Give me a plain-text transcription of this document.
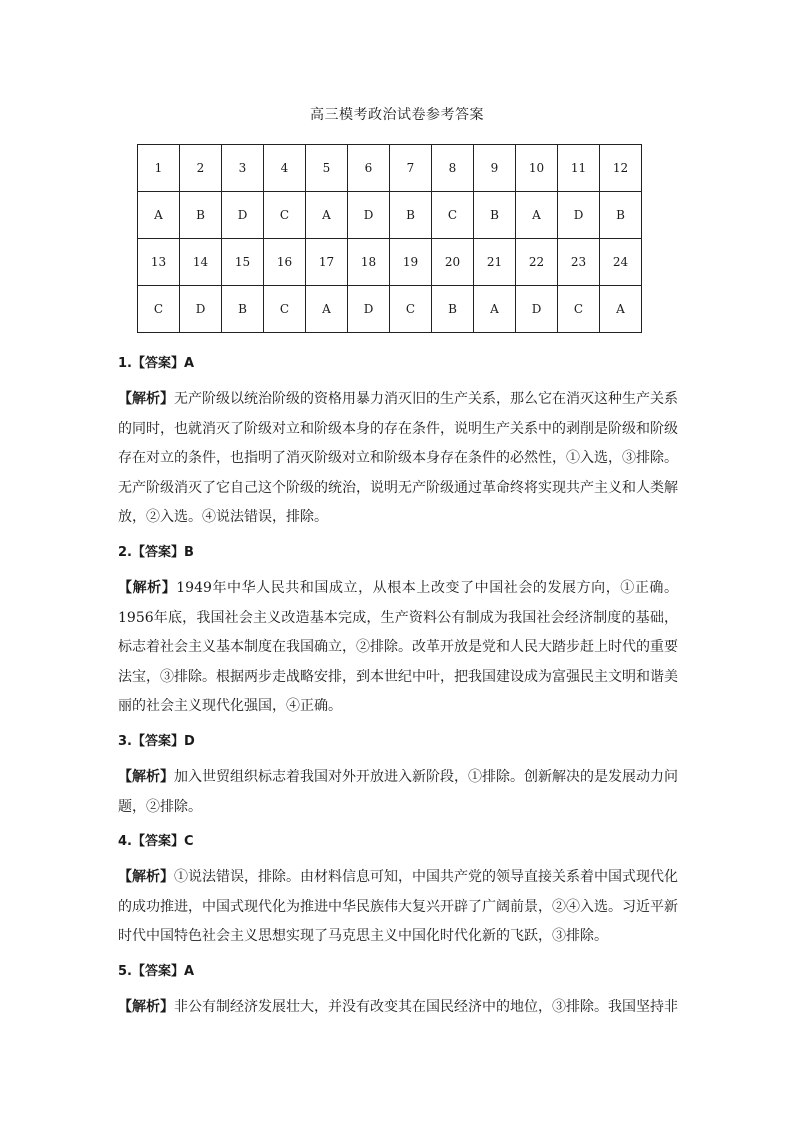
高三模考政治试卷参考答案
1	2	3	4	5	6	7	8	9	10	11	12
A	B	D	C	A	D	B	C	B	A	D	B
13	14	15	16	17	18	19	20	21	22	23	24
C	D	B	C	A	D	C	B	A	D	C	A

1.【答案】A

【解析】无产阶级以统治阶级的资格用暴力消灭旧的生产关系，那么它在消灭这种生产关系的同时，也就消灭了阶级对立和阶级本身的存在条件，说明生产关系中的剥削是阶级和阶级存在对立的条件，也指明了消灭阶级对立和阶级本身存在条件的必然性，①入选，③排除。无产阶级消灭了它自己这个阶级的统治，说明无产阶级通过革命终将实现共产主义和人类解放，②入选。④说法错误，排除。

2.【答案】B

【解析】1949年中华人民共和国成立，从根本上改变了中国社会的发展方向，①正确。1956年底，我国社会主义改造基本完成，生产资料公有制成为我国社会经济制度的基础，标志着社会主义基本制度在我国确立，②排除。改革开放是党和人民大踏步赶上时代的重要法宝，③排除。根据两步走战略安排，到本世纪中叶，把我国建设成为富强民主文明和谐美丽的社会主义现代化强国，④正确。

3.【答案】D

【解析】加入世贸组织标志着我国对外开放进入新阶段，①排除。创新解决的是发展动力问题，②排除。

4.【答案】C

【解析】①说法错误，排除。由材料信息可知，中国共产党的领导直接关系着中国式现代化的成功推进，中国式现代化为推进中华民族伟大复兴开辟了广阔前景，②④入选。习近平新时代中国特色社会主义思想实现了马克思主义中国化时代化新的飞跃，③排除。

5.【答案】A

【解析】非公有制经济发展壮大，并没有改变其在国民经济中的地位，③排除。我国坚持非
